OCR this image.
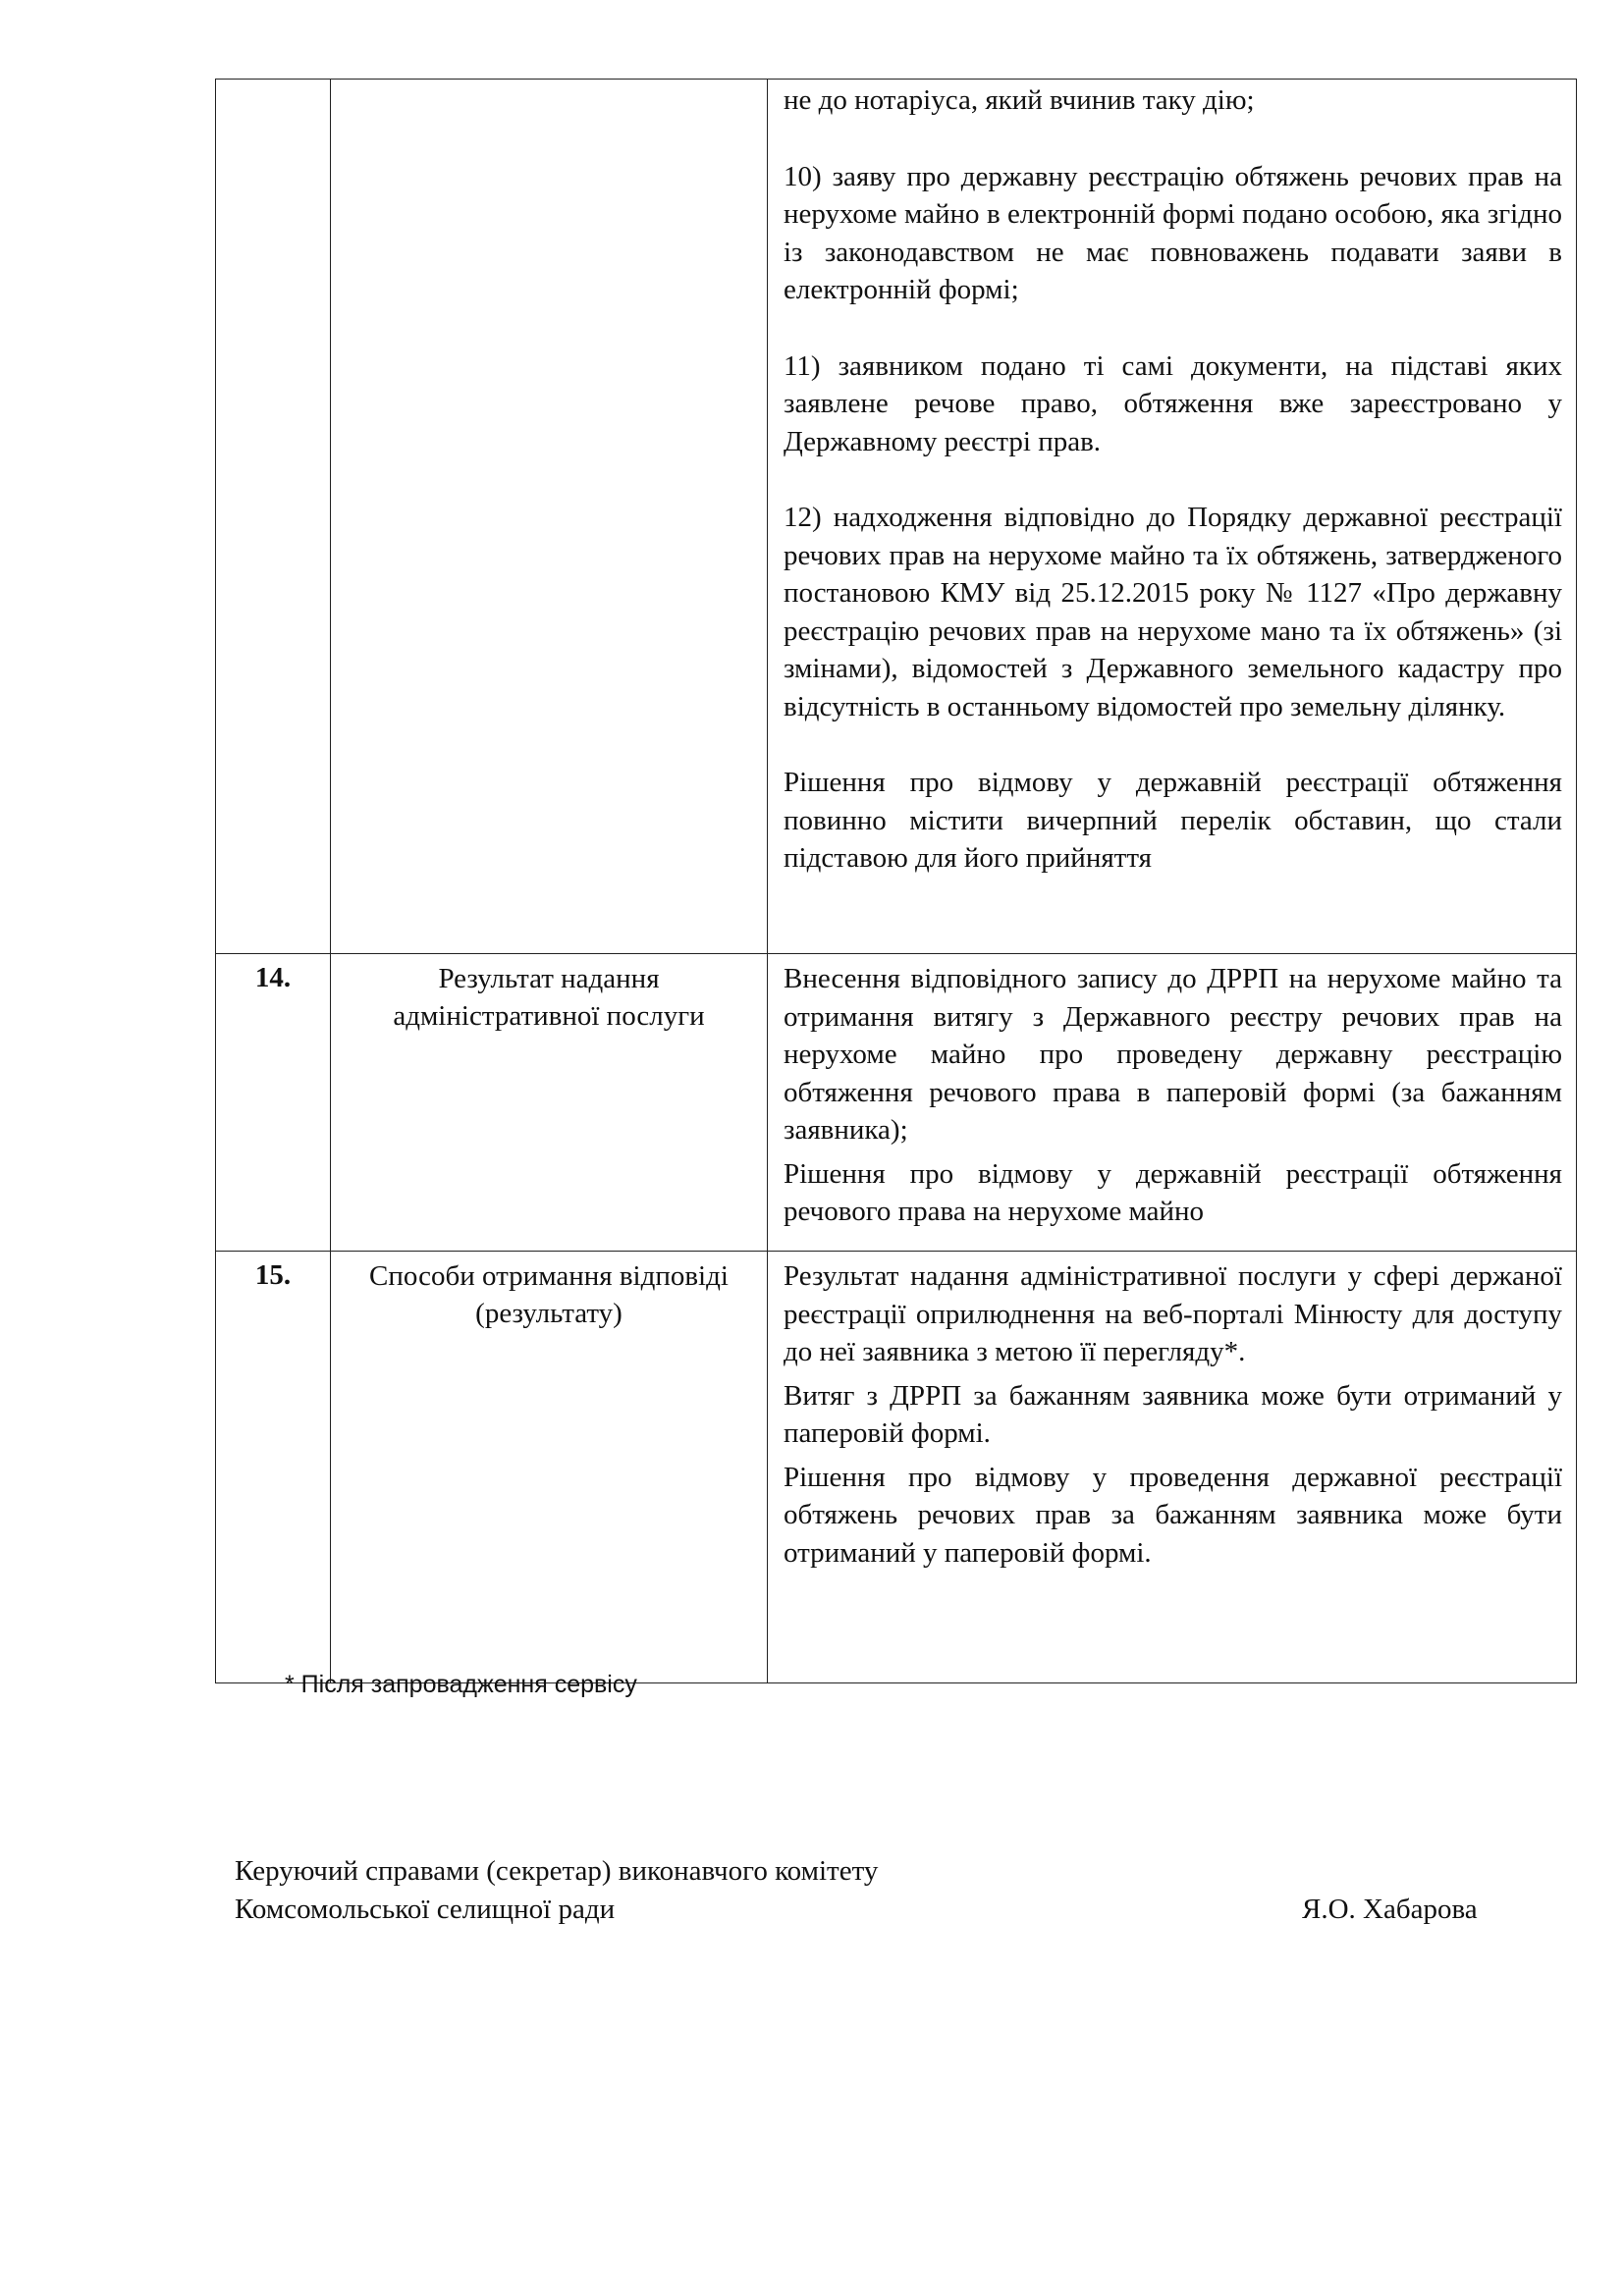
		не до нотаріуса, який вчинив таку дію;

10) заяву про державну реєстрацію обтяжень речових прав на нерухоме майно в електронній формі подано особою, яка згідно із законодавством не має повноважень подавати заяви в електронній формі;

11) заявником подано ті самі документи, на підставі яких заявлене речове право, обтяження вже зареєстровано у Державному реєстрі прав.

12) надходження відповідно до Порядку державної реєстрації речових прав на нерухоме майно та їх обтяжень, затвердженого постановою КМУ від 25.12.2015 року № 1127 «Про державну реєстрацію речових прав на нерухоме мано та їх обтяжень» (зі змінами), відомостей з Державного земельного кадастру про відсутність в останньому відомостей про земельну ділянку.

Рішення про відмову у державній реєстрації обтяження повинно містити вичерпний перелік обставин, що стали підставою для його прийняття

14.	Результат надання адміністративної послуги	Внесення відповідного запису до ДРРП на нерухоме майно та отримання витягу з Державного реєстру речових прав на нерухоме майно про проведену державну реєстрацію обтяження речового права в паперовій формі (за бажанням заявника);

Рішення про відмову у державній реєстрації обтяження речового права на нерухоме майно

15.	Способи отримання відповіді (результату)	Результат надання адміністративної послуги у сфері держаної реєстрації оприлюднення на веб-порталі Мінюсту для доступу до неї заявника з метою її перегляду*.

Витяг з ДРРП за бажанням заявника може бути отриманий у паперовій формі.

Рішення про відмову у проведення державної реєстрації обтяжень речових прав за бажанням заявника може бути отриманий у паперовій формі.

* Після запровадження сервісу
Керуючий справами (секретар) виконавчого комітету
Комсомольської селищної ради	Я.О. Хабарова
